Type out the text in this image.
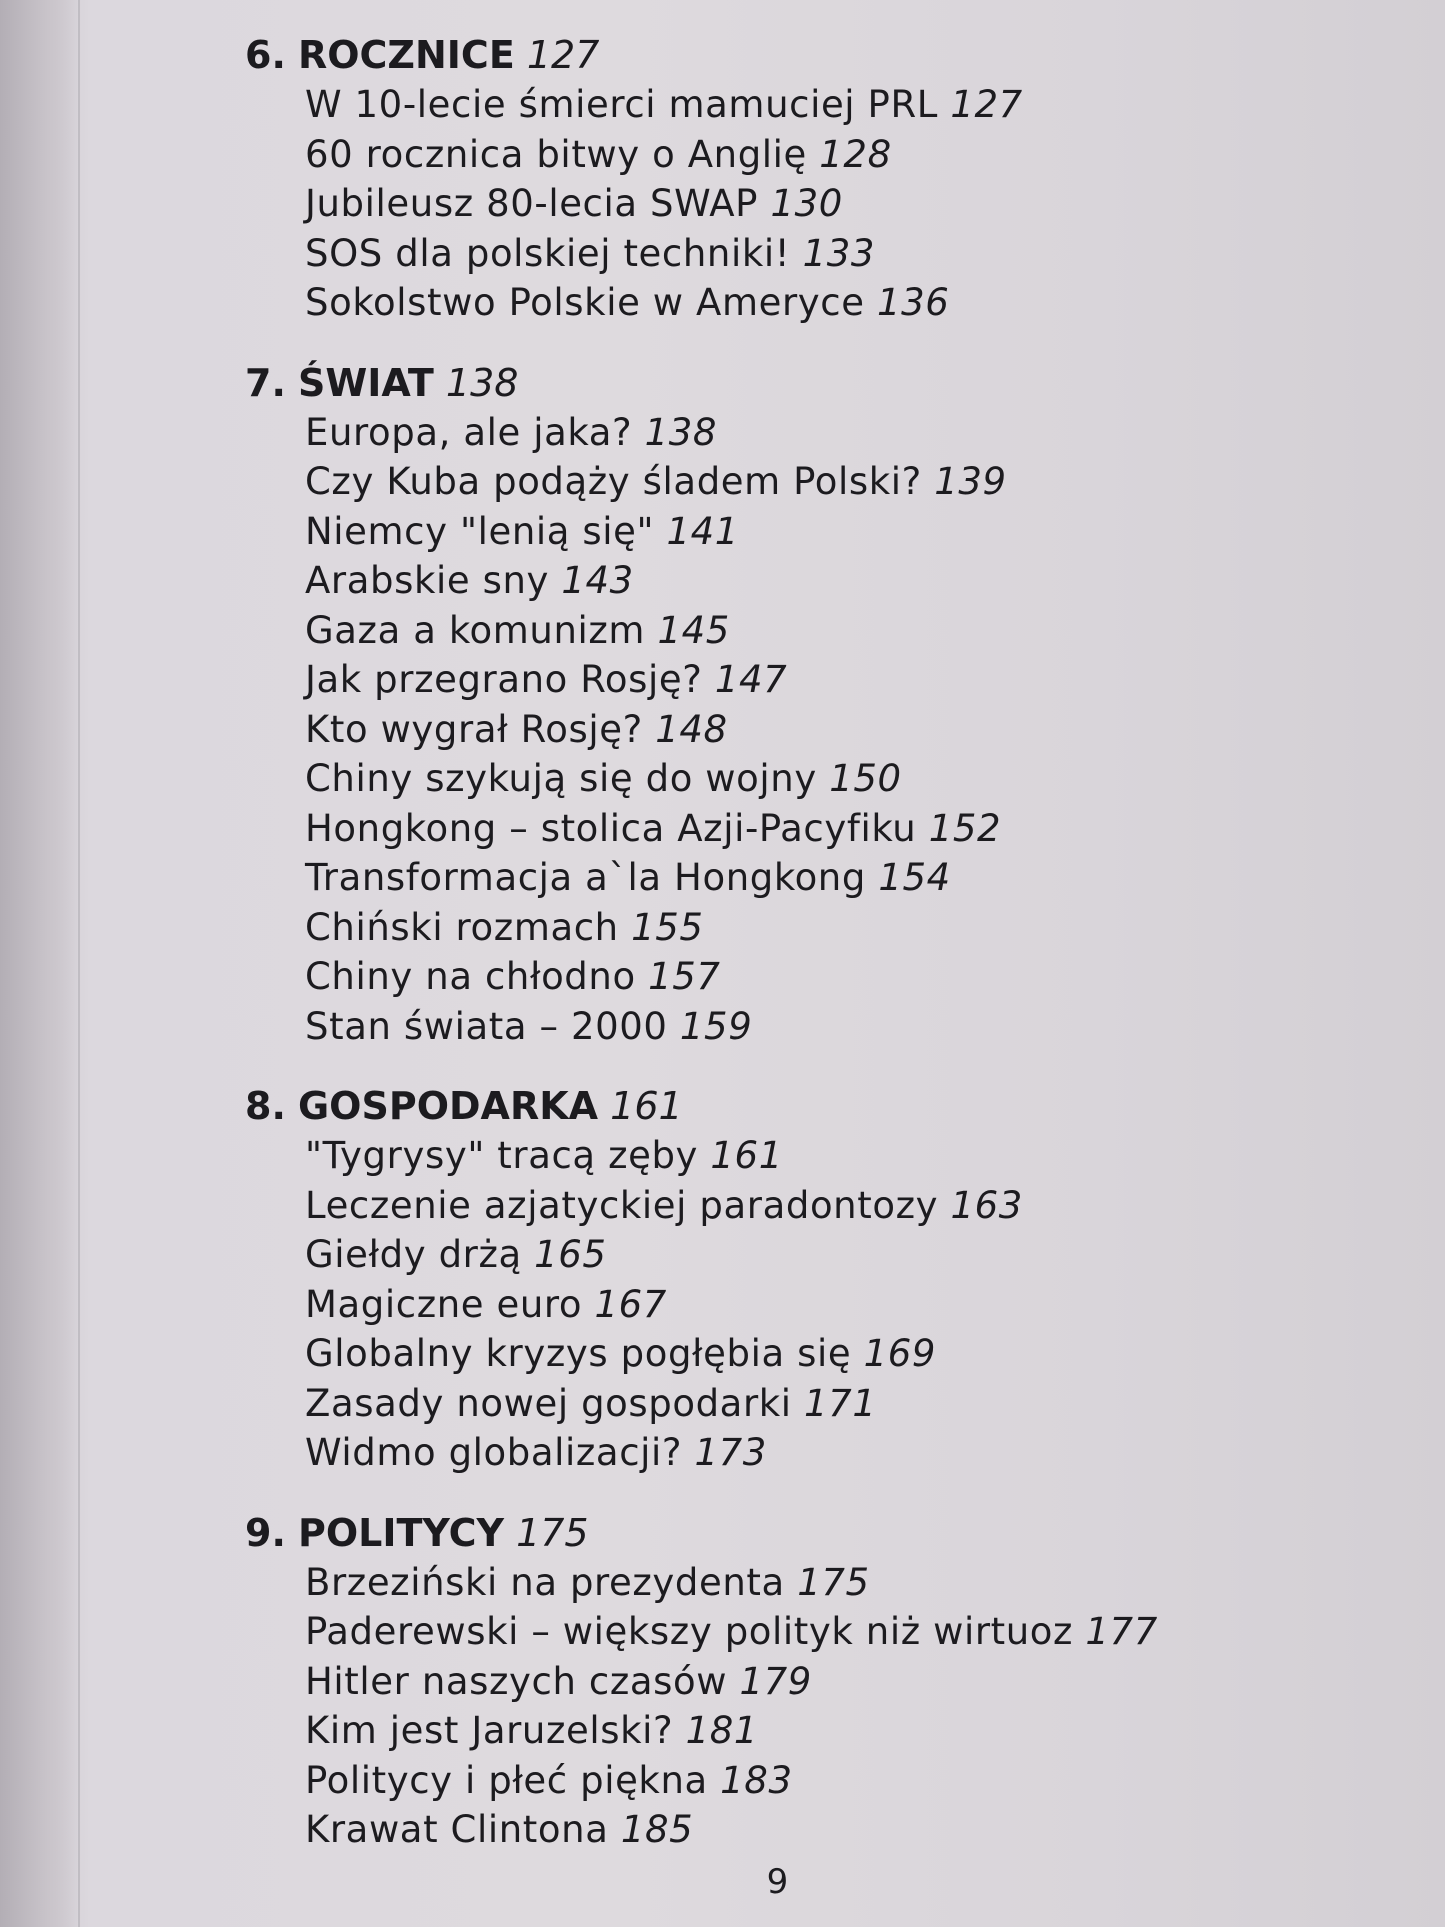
6. ROCZNICE 127
W 10-lecie śmierci mamuciej PRL 127
60 rocznica bitwy o Anglię 128
Jubileusz 80-lecia SWAP 130
SOS dla polskiej techniki! 133
Sokolstwo Polskie w Ameryce 136
7. ŚWIAT 138
Europa, ale jaka? 138
Czy Kuba podąży śladem Polski? 139
Niemcy "lenią się" 141
Arabskie sny 143
Gaza a komunizm 145
Jak przegrano Rosję? 147
Kto wygrał Rosję? 148
Chiny szykują się do wojny 150
Hongkong – stolica Azji-Pacyfiku 152
Transformacja a`la Hongkong 154
Chiński rozmach 155
Chiny na chłodno 157
Stan świata – 2000 159
8. GOSPODARKA 161
"Tygrysy" tracą zęby 161
Leczenie azjatyckiej paradontozy 163
Giełdy drżą 165
Magiczne euro 167
Globalny kryzys pogłębia się 169
Zasady nowej gospodarki 171
Widmo globalizacji? 173
9. POLITYCY 175
Brzeziński na prezydenta 175
Paderewski – większy polityk niż wirtuoz 177
Hitler naszych czasów 179
Kim jest Jaruzelski? 181
Politycy i płeć piękna 183
Krawat Clintona 185
9
